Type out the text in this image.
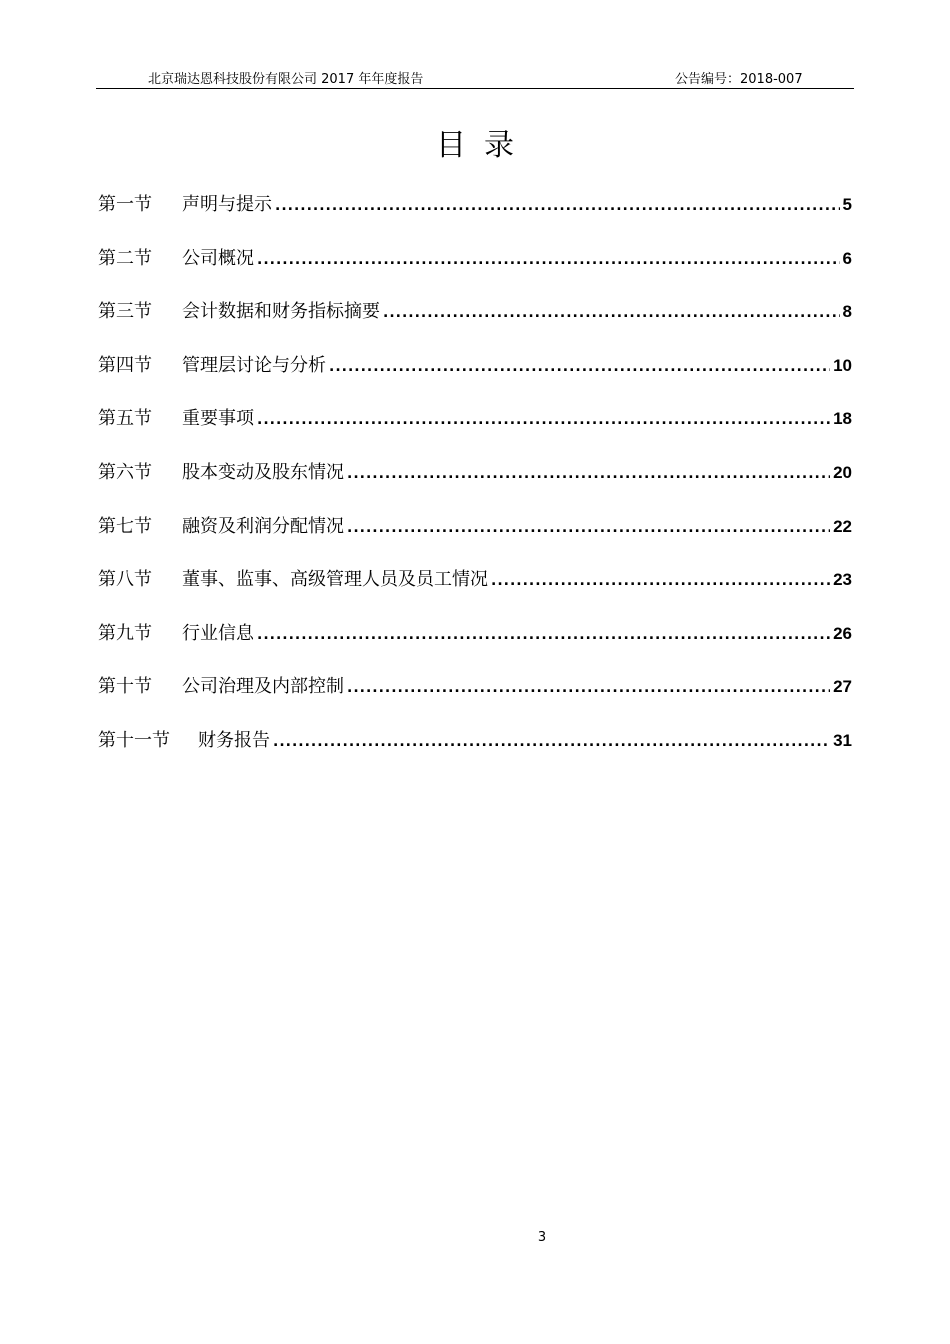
北京瑞达恩科技股份有限公司 2017 年年度报告	公告编号：2018-007
目录
第一节	声明与提示 .....	5
第二节	公司概况 .....	6
第三节	会计数据和财务指标摘要 .....	8
第四节	管理层讨论与分析 .....	10
第五节	重要事项 .....	18
第六节	股本变动及股东情况 .....	20
第七节	融资及利润分配情况 .....	22
第八节	董事、监事、高级管理人员及员工情况 .....	23
第九节	行业信息 .....	26
第十节	公司治理及内部控制 .....	27
第十一节	财务报告 .....	31
3
